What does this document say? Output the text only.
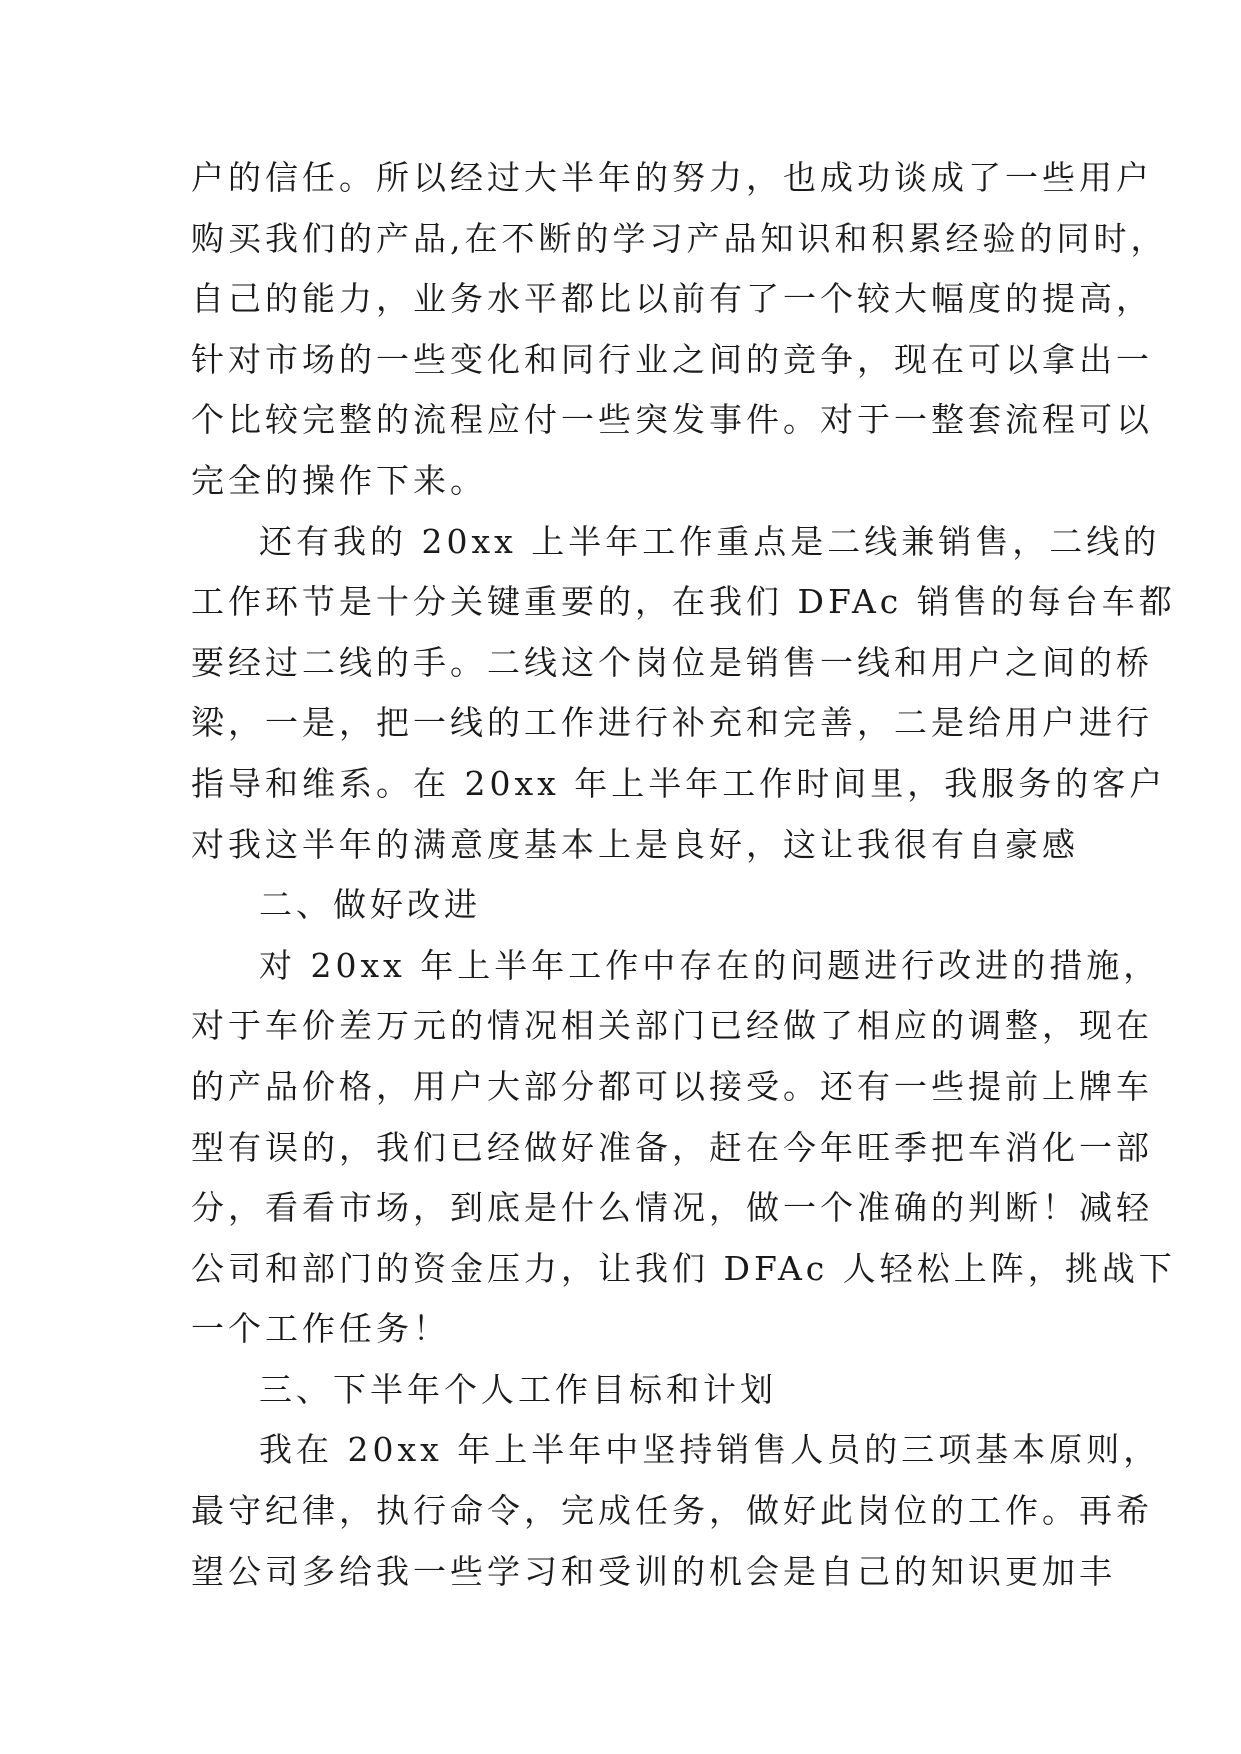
户的信任。所以经过大半年的努力，也成功谈成了一些用户
购买我们的产品,在不断的学习产品知识和积累经验的同时，
自己的能力，业务水平都比以前有了一个较大幅度的提高，
针对市场的一些变化和同行业之间的竞争，现在可以拿出一
个比较完整的流程应付一些突发事件。对于一整套流程可以
完全的操作下来。
还有我的 20xx 上半年工作重点是二线兼销售，二线的
工作环节是十分关键重要的，在我们 DFAc 销售的每台车都
要经过二线的手。二线这个岗位是销售一线和用户之间的桥
梁，一是，把一线的工作进行补充和完善，二是给用户进行
指导和维系。在 20xx 年上半年工作时间里，我服务的客户
对我这半年的满意度基本上是良好，这让我很有自豪感
二、做好改进
对 20xx 年上半年工作中存在的问题进行改进的措施，
对于车价差万元的情况相关部门已经做了相应的调整，现在
的产品价格，用户大部分都可以接受。还有一些提前上牌车
型有误的，我们已经做好准备，赶在今年旺季把车消化一部
分，看看市场，到底是什么情况，做一个准确的判断！减轻
公司和部门的资金压力，让我们 DFAc 人轻松上阵，挑战下
一个工作任务！
三、下半年个人工作目标和计划
我在 20xx 年上半年中坚持销售人员的三项基本原则，
最守纪律，执行命令，完成任务，做好此岗位的工作。再希
望公司多给我一些学习和受训的机会是自己的知识更加丰
